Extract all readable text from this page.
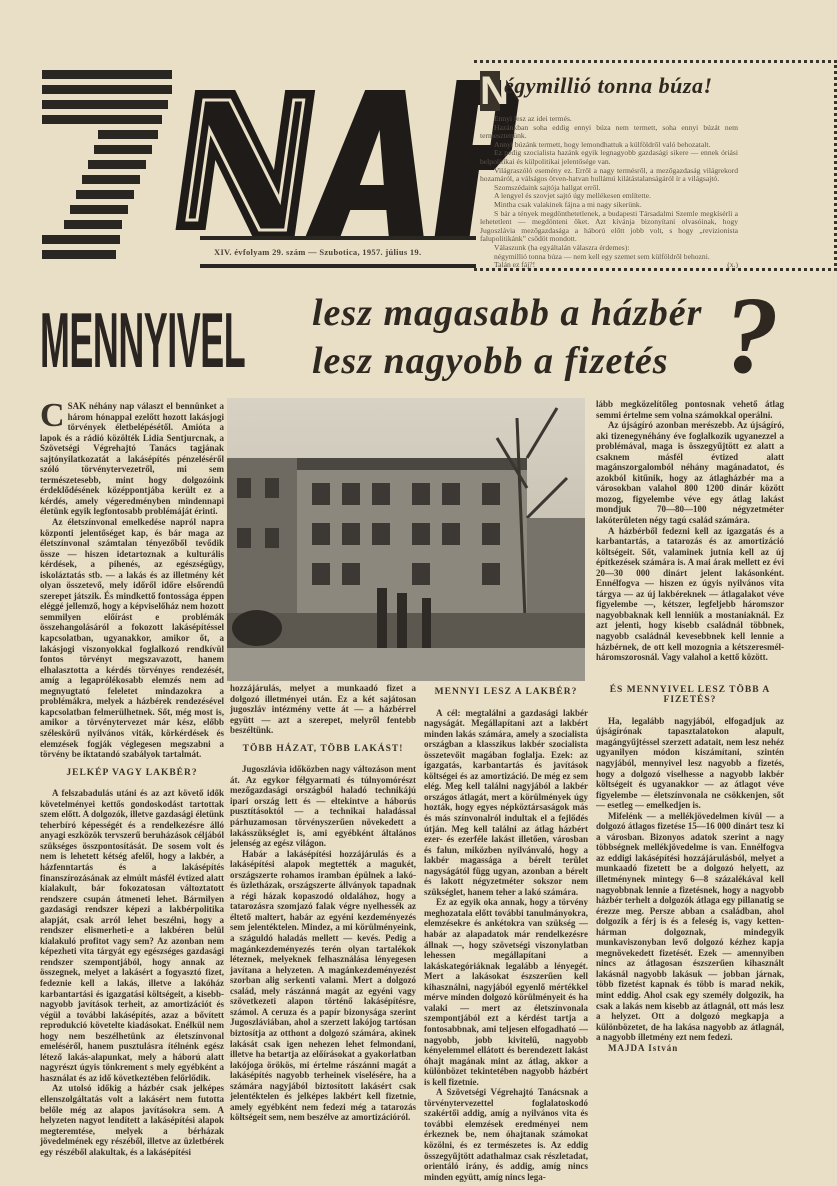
XIV. évfolyam 29. szám — Szubotica, 1957. július 19.
N
égymillió tonna búza!

Ennyi lesz az idei termés.

Hazánkban soha eddig ennyi búza nem termett, soha ennyi búzát nem termesztettünk.

Annyi búzánk termett, hogy lemondhattuk a külföldről való behozatalt.

Ez pedig szocialista hazánk egyik legnagyobb gazdasági sikere — ennek óriási belpolitikai és külpolitikai jelentősége van.

Világraszóló esemény ez. Erről a nagy termésről, a mezőgazdaság világrekord hozamáról, a válságos ötven-hatvan hullámú kilátástalanságáról ír a világsajtó.

Szomszédaink sajtója hallgat erről.

A lengyel és szovjet sajtó úgy mellékesen említette.

Mintha csak valakinek fájna a mi nagy sikerünk.

S bár a tények megdönthetetlenek, a budapesti Társadalmi Szemle megkísérli a lehetetlent — megdönteni őket. Azt kívánja bizonyítani olvasóinak, hogy Jugoszlávia mezőgazdasága a háború előtt jobb volt, s hogy „revizionista falupolitikánk” csődöt mondott.

Válaszunk (ha egyáltalán válaszra érdemes):

négymillió tonna búza — nem kell egy szemet sem külföldről behozni.

Talán ez fáj?!	(x.)

MENNYIVEL lesz magasabb a házbér
lesz nagyobb a fizetés ?

CSAK néhány nap választ el bennünket a három hónappal ezelőtt hozott lakásjogi törvények életbelépésétől. Amióta a lapok és a rádió közölték Lidia Sentjurcnak, a Szövetségi Végrehajtó Tanács tagjának sajtónyilatkozatát a lakásépítés pénzeléséről szóló törvénytervezetről, mi sem természetesebb, mint hogy dolgozóink érdeklődésének középpontjába került ez a kérdés, amely végeredményben mindennapi életünk egyik legfontosabb problémáját érinti.

Az életszínvonal emelkedése napról napra központi jelentőséget kap, és bár maga az életszínvonal számtalan tényezőből tevődik össze — hiszen idetartoznak a kulturális kérdések, a pihenés, az egészségügy, iskoláztatás stb. — a lakás és az illetmény két olyan összetevő, mely időről időre elsőrendű szerepet játszik. És mindkettő fontossága éppen eléggé jellemző, hogy a képviselőház nem hozott semmilyen előírást e problémák összehangolásáról a fokozott lakásépítéssel kapcsolatban, ugyanakkor, amikor őt, a lakásjogi viszonyokkal foglalkozó rendkívül fontos törvényt megszavazott, hanem elhalasztotta a kérdés törvényes rendezését, amíg a legaprólékosabb elemzés nem ad megnyugtató feleletet mindazokra a problémákra, melyek a házbérek rendezésével kapcsolatban felmerülhetnek. Sőt, még most is, amikor a törvénytervezet már kész, előbb széleskörű nyilvános viták, körkérdések és elemzések fogják véglegesen megszabni a törvény be iktatandó szabályok tartalmát.

JELKÉP VAGY LAKBÉR?

A felszabadulás utáni és az azt követő idők követelményei kettős gondoskodást tartottak szem előtt. A dolgozók, illetve gazdasági életünk teherbíró képességét és a rendelkezésre álló anyagi eszközök tervszerű beruházások céljából szükséges összpontosítását. De sosem volt és nem is lehetett kétség afelől, hogy a lakbér, a házfenntartás és a lakásépítés finanszírozásának az elmúlt másfél évtized alatt kialakult, bár fokozatosan változtatott rendszere csupán átmeneti lehet. Bármilyen gazdasági rendszer képezi a lakbérpolitika alapját, csak arról lehet beszélni, hogy a rendszer elismerheti-e a lakbéren belül kialakuló profitot vagy sem? Az azonban nem képezheti vita tárgyát egy egészséges gazdasági rendszer szempontjából, hogy annak az összegnek, melyet a lakásért a fogyasztó fizet, fedeznie kell a lakás, illetve a lakóház karbantartási és igazgatási költségeit, a kisebb-nagyobb javítások terheit, az amortizációt és végül a további lakásépítés, azaz a bővített reprodukció követelte kiadásokat. Enélkül nem hogy nem beszélhetünk az életszínvonal emeléséről, hanem pusztulásra ítélnénk egész létező lakás-alapunkat, mely a háború alatt nagyrészt úgyis tönkrement s mely egyébként a használat és az idő következtében felőrlődik.

Az utolsó időkig a házbér csak jelképes ellenszolgáltatás volt a lakásért nem futotta belőle még az alapos javításokra sem. A helyzeten nagyot lendített a lakásépítési alapok megteremtése, melyek a bérházak jövedelmének egy részéből, illetve az üzletbérek egy részéből alakultak, és a lakásépítési

hozzájárulás, melyet a munkaadó fizet a dolgozó illetményei után. Ez a két sajátosan jugoszláv intézmény vette át — a házbérrel együtt — azt a szerepet, melyről fentebb beszéltünk.

TÖBB HÁZAT, TÖBB LAKÁST!

Jugoszlávia időközben nagy változáson ment át. Az egykor félgyarmati és túlnyomórészt mezőgazdasági országból haladó technikájú ipari ország lett és — eltekintve a háborús pusztításoktól — a technikai haladással párhuzamosan törvényszerűen növekedett a lakásszükséglet is, ami egyébként általános jelenség az egész világon.

Habár a lakásépítési hozzájárulás és a lakásépítési alapok megtették a magukét, országszerte rohamos iramban épülnek a lakó- és üzletházak, országszerte állványok tapadnak a régi házak kopaszodó oldalához, hogy a tatarozásra szomjazó falak végre nyelhessék az éltető maltert, habár az egyéni kezdeményezés sem jelentéktelen. Mindez, a mi körülményeink, a száguldó haladás mellett — kevés. Pedig a magánkezdeményezés terén olyan tartalékok léteznek, melyeknek felhasználása lényegesen javítana a helyzeten. A magánkezdeményezést szorban alig serkenti valami. Mert a dolgozó család, mely rászánná magát az egyéni vagy szövetkezeti alapon történő lakásépítésre, számol. A ceruza és a papír bizonysága szerint Jugoszláviában, ahol a szerzett lakójog tartósan biztosítja az otthont a dolgozó számára, akinek lakását csak igen nehezen lehet felmondani, illetve ha betartja az előírásokat a gyakorlatban lakójoga örökös, mi értelme rászánni magát a lakásépítés nagyobb terheinek viselésére, ha a számára nagyjából biztosított lakásért csak jelentéktelen és jelképes lakbért kell fizetnie, amely egyébként nem fedezi még a tatarozás költségeit sem, nem beszélve az amortizációról.

MENNYI LESZ A LAKBÉR?

A cél: megtalálni a gazdasági lakbér nagyságát. Megállapítani azt a lakbért minden lakás számára, amely a szocialista országban a klasszikus lakbér szocialista összetevőit magában foglalja. Ezek: az igazgatás, karbantartás és javítások költségei és az amortizáció. De még ez sem elég. Meg kell találni nagyjából a lakbér országos átlagát, mert a körülmények úgy hozták, hogy egyes népköztársaságok más és más színvonalról indultak el a fejlődés útján. Meg kell találni az átlag házbért ezer- és ezerféle lakást illetően, városban és falun, miközben nyilvánvaló, hogy a lakbér magassága a bérelt terület nagyságától függ ugyan, azonban a bérelt és lakott négyzetméter sokszor nem szükséglet, hanem teher a lakó számára.

Ez az egyik oka annak, hogy a törvény meghozatala előtt további tanulmányokra, elemzésekre és ankétokra van szükség — habár az alapadatok már rendelkezésre állnak —, hogy szövetségi viszonylatban lehessen megállapítani a lakáskategóriáknak legalább a lényegét. Mert a lakásokat észszerűen kell kihasználni, nagyjából egyenlő mértékkel mérve minden dolgozó körülményeit és ha valaki — mert az életszínvonala szempontjából ezt a kérdést tartja a fontosabbnak, ami teljesen elfogadható — nagyobb, jobb kivitelű, nagyobb kényelemmel ellátott és berendezett lakást óhajt magának mint az átlag, akkor a különbözet tekintetében nagyobb házbért is kell fizetnie.

A Szövetségi Végrehajtó Tanácsnak a törvénytervezettel foglalatoskodó szakértői addig, amíg a nyilvános vita és további elemzések eredményei nem érkeznek be, nem óhajtanak számokat közölni, és ez természetes is. Az eddig összegyűjtött adathalmaz csak részletadat, orientáló irány, és addig, amíg nincs minden együtt, amíg nincs lega-

lább megközelítőleg pontosnak vehető átlag semmi értelme sem volna számokkal operálni.

Az újságíró azonban merészebb. Az újságíró, aki tizenegynéhány éve foglalkozik ugyanezzel a problémával, maga is összegyűjtött ez alatt a csaknem másfél évtized alatt magánszorgalomból néhány magánadatot, és azokból kitűnik, hogy az átlagházbér ma a városokban valahol 800 1200 dinár között mozog, figyelembe véve egy átlag lakást mondjuk 70—80—100 négyzetméter lakóterületen négy tagú család számára.

A házbérből fedezni kell az igazgatás és a karbantartás, a tatarozás és az amortizáció költségeit. Sőt, valaminek jutnia kell az új építkezések számára is. A mai árak mellett ez évi 20—30 000 dinárt jelent lakásonként. Ennélfogva — hiszen ez úgyis nyilvános vita tárgya — az új lakbéreknek — átlagalakot véve figyelembe —, kétszer, legfeljebb háromszor nagyobbaknak kell lenniük a mostaniaknál. Ez azt jelenti, hogy kisebb családnál többnek, nagyobb családnál kevesebbnek kell lennie a házbérnek, de ott kell mozognia a kétszeresmél-háromszorosnál. Vagy valahol a kettő között.

ÉS MENNYIVEL LESZ TÖBB A FIZETÉS?

Ha, legalább nagyjából, elfogadjuk az újságírónak tapasztalatokon alapult, magángyűjtéssel szerzett adatait, nem lesz nehéz ugyanilyen módon kiszámítani, szintén nagyjából, mennyivel lesz nagyobb a fizetés, hogy a dolgozó viselhesse a nagyobb lakbér költségeit és ugyanakkor — az átlagot véve figyelembe — életszínvonala ne csökkenjen, sőt — esetleg — emelkedjen is.

Mifelénk — a mellékjövedelmen kívül — a dolgozó átlagos fizetése 15—16 000 dinárt tesz ki a városban. Bizonyos adatok szerint a nagy többségnek mellékjövedelme is van. Ennélfogva az eddigi lakásépítési hozzájárulásból, melyet a munkaadó fizetett be a dolgozó helyett, az illetménynek mintegy 6—8 százalékával kell nagyobbnak lennie a fizetésnek, hogy a nagyobb házbér terhelt a dolgozók átlaga egy pillanatig se érezze meg. Persze abban a családban, ahol dolgozik a férj is és a feleség is, vagy ketten-hárman dolgoznak, mindegyik munkaviszonyban levő dolgozó kézhez kapja megnövekedett fizetését. Ezek — amennyiben nincs az átlagosan észszerűen kihasznált lakásnál nagyobb lakásuk — jobban járnak, több fizetést kapnak és több is marad nekik, mint eddig. Ahol csak egy személy dolgozik, ha csak a lakás nem kisebb az átlagnál, ott más lesz a helyzet. Ott a dolgozó megkapja a különbözetet, de ha lakása nagyobb az átlagnál, a nagyobb illetmény ezt nem fedezi.

MAJDA István
